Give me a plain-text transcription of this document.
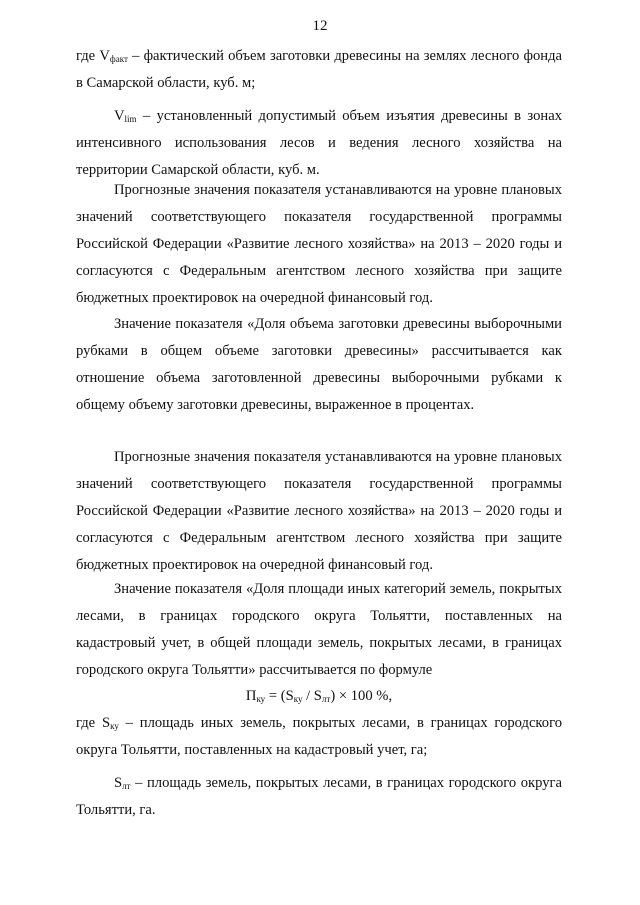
12

где $V_{факт}$ – фактический объем заготовки древесины на землях лесного фонда в Самарской области, куб. м;

$V_{lim}$ – установленный допустимый объем изъятия древесины в зонах интенсивного использования лесов и ведения лесного хозяйства на территории Самарской области, куб. м.

Прогнозные значения показателя устанавливаются на уровне плановых значений соответствующего показателя государственной программы Российской Федерации «Развитие лесного хозяйства» на 2013 – 2020 годы и согласуются с Федеральным агентством лесного хозяйства при защите бюджетных проектировок на очередной финансовый год.

Значение показателя «Доля объема заготовки древесины выборочными рубками в общем объеме заготовки древесины» рассчитывается как отношение объема заготовленной древесины выборочными рубками к общему объему заготовки древесины, выраженное в процентах.

Прогнозные значения показателя устанавливаются на уровне плановых значений соответствующего показателя государственной программы Российской Федерации «Развитие лесного хозяйства» на 2013 – 2020 годы и согласуются с Федеральным агентством лесного хозяйства при защите бюджетных проектировок на очередной финансовый год.

Значение показателя «Доля площади иных категорий земель, покрытых лесами, в границах городского округа Тольятти, поставленных на кадастровый учет, в общей площади земель, покрытых лесами, в границах городского округа Тольятти» рассчитывается по формуле

$П_{ку} = (S_{ку} / S_{лт}) \times 100$ %,

где $S_{ку}$ – площадь иных земель, покрытых лесами, в границах городского округа Тольятти, поставленных на кадастровый учет, га;

$S_{лт}$ – площадь земель, покрытых лесами, в границах городского округа Тольятти, га.
